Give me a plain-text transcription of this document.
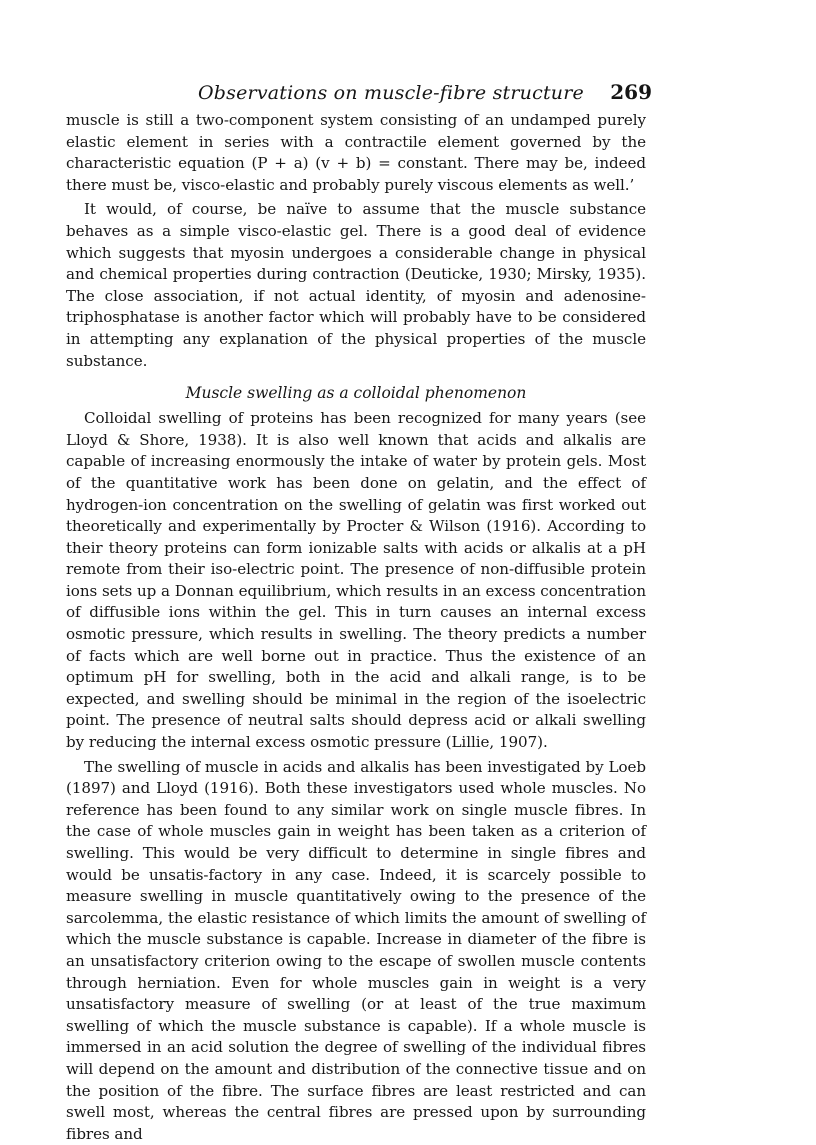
Observations on muscle-fibre structure 269

muscle is still a two-component system consisting of an undamped purely elastic element in series with a contractile element governed by the characteristic equation (P + a) (v + b) = constant. There may be, indeed there must be, visco-elastic and probably purely viscous elements as well.’

It would, of course, be naïve to assume that the muscle substance behaves as a simple visco-elastic gel. There is a good deal of evidence which suggests that myosin undergoes a considerable change in physical and chemical properties during contraction (Deuticke, 1930; Mirsky, 1935). The close association, if not actual identity, of myosin and adenosine-triphosphatase is another factor which will probably have to be considered in attempting any explanation of the physical properties of the muscle substance.

Muscle swelling as a colloidal phenomenon

Colloidal swelling of proteins has been recognized for many years (see Lloyd & Shore, 1938). It is also well known that acids and alkalis are capable of increasing enormously the intake of water by protein gels. Most of the quantitative work has been done on gelatin, and the effect of hydrogen-ion concentration on the swelling of gelatin was first worked out theoretically and experimentally by Procter & Wilson (1916). According to their theory proteins can form ionizable salts with acids or alkalis at a pH remote from their iso-electric point. The presence of non-diffusible protein ions sets up a Donnan equilibrium, which results in an excess concentration of diffusible ions within the gel. This in turn causes an internal excess osmotic pressure, which results in swelling. The theory predicts a number of facts which are well borne out in practice. Thus the existence of an optimum pH for swelling, both in the acid and alkali range, is to be expected, and swelling should be minimal in the region of the isoelectric point. The presence of neutral salts should depress acid or alkali swelling by reducing the internal excess osmotic pressure (Lillie, 1907).

The swelling of muscle in acids and alkalis has been investigated by Loeb (1897) and Lloyd (1916). Both these investigators used whole muscles. No reference has been found to any similar work on single muscle fibres. In the case of whole muscles gain in weight has been taken as a criterion of swelling. This would be very difficult to determine in single fibres and would be unsatis-factory in any case. Indeed, it is scarcely possible to measure swelling in muscle quantitatively owing to the presence of the sarcolemma, the elastic resistance of which limits the amount of swelling of which the muscle substance is capable. Increase in diameter of the fibre is an unsatisfactory criterion owing to the escape of swollen muscle contents through herniation. Even for whole muscles gain in weight is a very unsatisfactory measure of swelling (or at least of the true maximum swelling of which the muscle substance is capable). If a whole muscle is immersed in an acid solution the degree of swelling of the individual fibres will depend on the amount and distribution of the connective tissue and on the position of the fibre. The surface fibres are least restricted and can swell most, whereas the central fibres are pressed upon by surrounding fibres and
